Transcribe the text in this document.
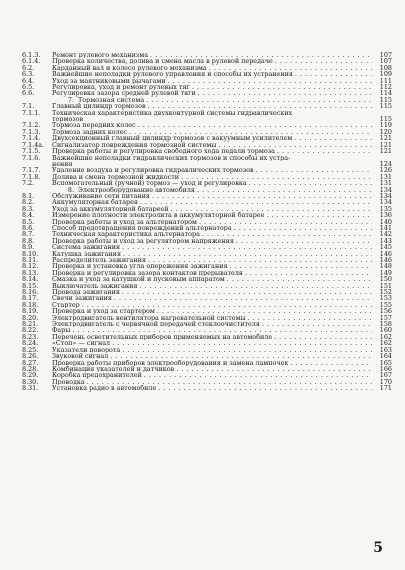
6.1.3.	Ремонт рулевого механизма . . .	107
6.1.4.	Проверка количества, долива и смена масла в рулевой передаче . . .	107
6.2.	Карданный вал и колесо рулевого механизма . . .	108
6.3.	Важнейшие неполадки рулевого управления и способы их устранения . . .	109
6.4.	Уход за маятниковыми рычагами . . .	111
6.5.	Регулировка, уход и ремонт рулевых тяг . . .	112
6.6.	Регулировка зазора средней рулевой тяги . . .	114
7. Тормозная система . . .	115
7.1.	Главный цилиндр тормозов . . .	115
7.1.1.	Техническая характеристика двухконтурной системы гидравлических
тормозов	115
7.1.2.	Тормоза передних колес . . .	119
7.1.3.	Тормоза задних колес . . .	120
7.1.4.	Двухсекционный главный цилиндр тормозов с вакуумным усилителем . . .	121
7.1.4а.	Сигнализатор повреждения тормозной системы . . .	121
7.1.5.	Проверка работы и регулировка свободного хода педали тормоза . . .	121
7.1.6.	Важнейшие неполадки гидравлических тормозов и способы их устра-
нения	124
7.1.7.	Удаление воздуха и регулировка гидравлических тормозов . . .	126
7.1.8.	Долива и смена тормозной жидкости . . .	131
7.2.	Вспомогательный (ручной) тормоз — уход и регулировка . . .	131
8. Электрооборудование автомобиля . . .	134
8.1.	Обслуживание сети питания . . .	134
8.2.	Аккумуляторная батарея . . .	134
8.3.	Уход за аккумуляторной батареей . . .	135
8.4.	Измерение плотности электролита в аккумуляторной батарее . . .	136
8.5.	Проверка работы и уход за альтернатором . . .	140
8.6.	Способ предотвращения повреждений альтернатора . . .	141
8.7.	Техническая характеристика альтернатора . . .	142
8.8.	Проверка работы и уход за регулятором напряжения . . .	143
8.9.	Система зажигания . . .	145
8.10.	Катушка зажигания . . .	146
8.11.	Распределитель зажигания . . .	146
8.12.	Проверка и установка угла опережения зажигания . . .	148
8.13.	Проверка и регулировка зазора контактов прерывателя . . .	149
8.14.	Смазка и уход за катушкой и пусковым аппаратом . . .	150
8.15.	Выключатель зажигания . . .	151
8.16.	Провода зажигания . . .	152
8.17.	Свечи зажигания . . .	153
8.18.	Стартер . . .	155
8.19.	Проверка и уход за стартером . . .	156
8.20.	Электродвигатель вентилятора нагревательной системы . . .	157
8.21.	Электродвигатель с червячной передачей стеклоочистителя . . .	158
8.22.	Фары . . .	160
8.23.	Перечень осветительных приборов применяемых на автомобиле . . .	162
8.24.	«Стоп» — сигнал . . .	162
8.25.	Указатели поворота . . .	163
8.26.	Звуковой сигнал . . .	164
8.27.	Проверка работы приборов электрооборудования и замена лампочек . . .	165
8.28.	Комбинация указателей и датчиков . . .	166
8.29.	Коробка предохранителей . . .	167
8.30.	Проводка . . .	170
8.31.	Установка радио в автомобиле . . .	171
5
